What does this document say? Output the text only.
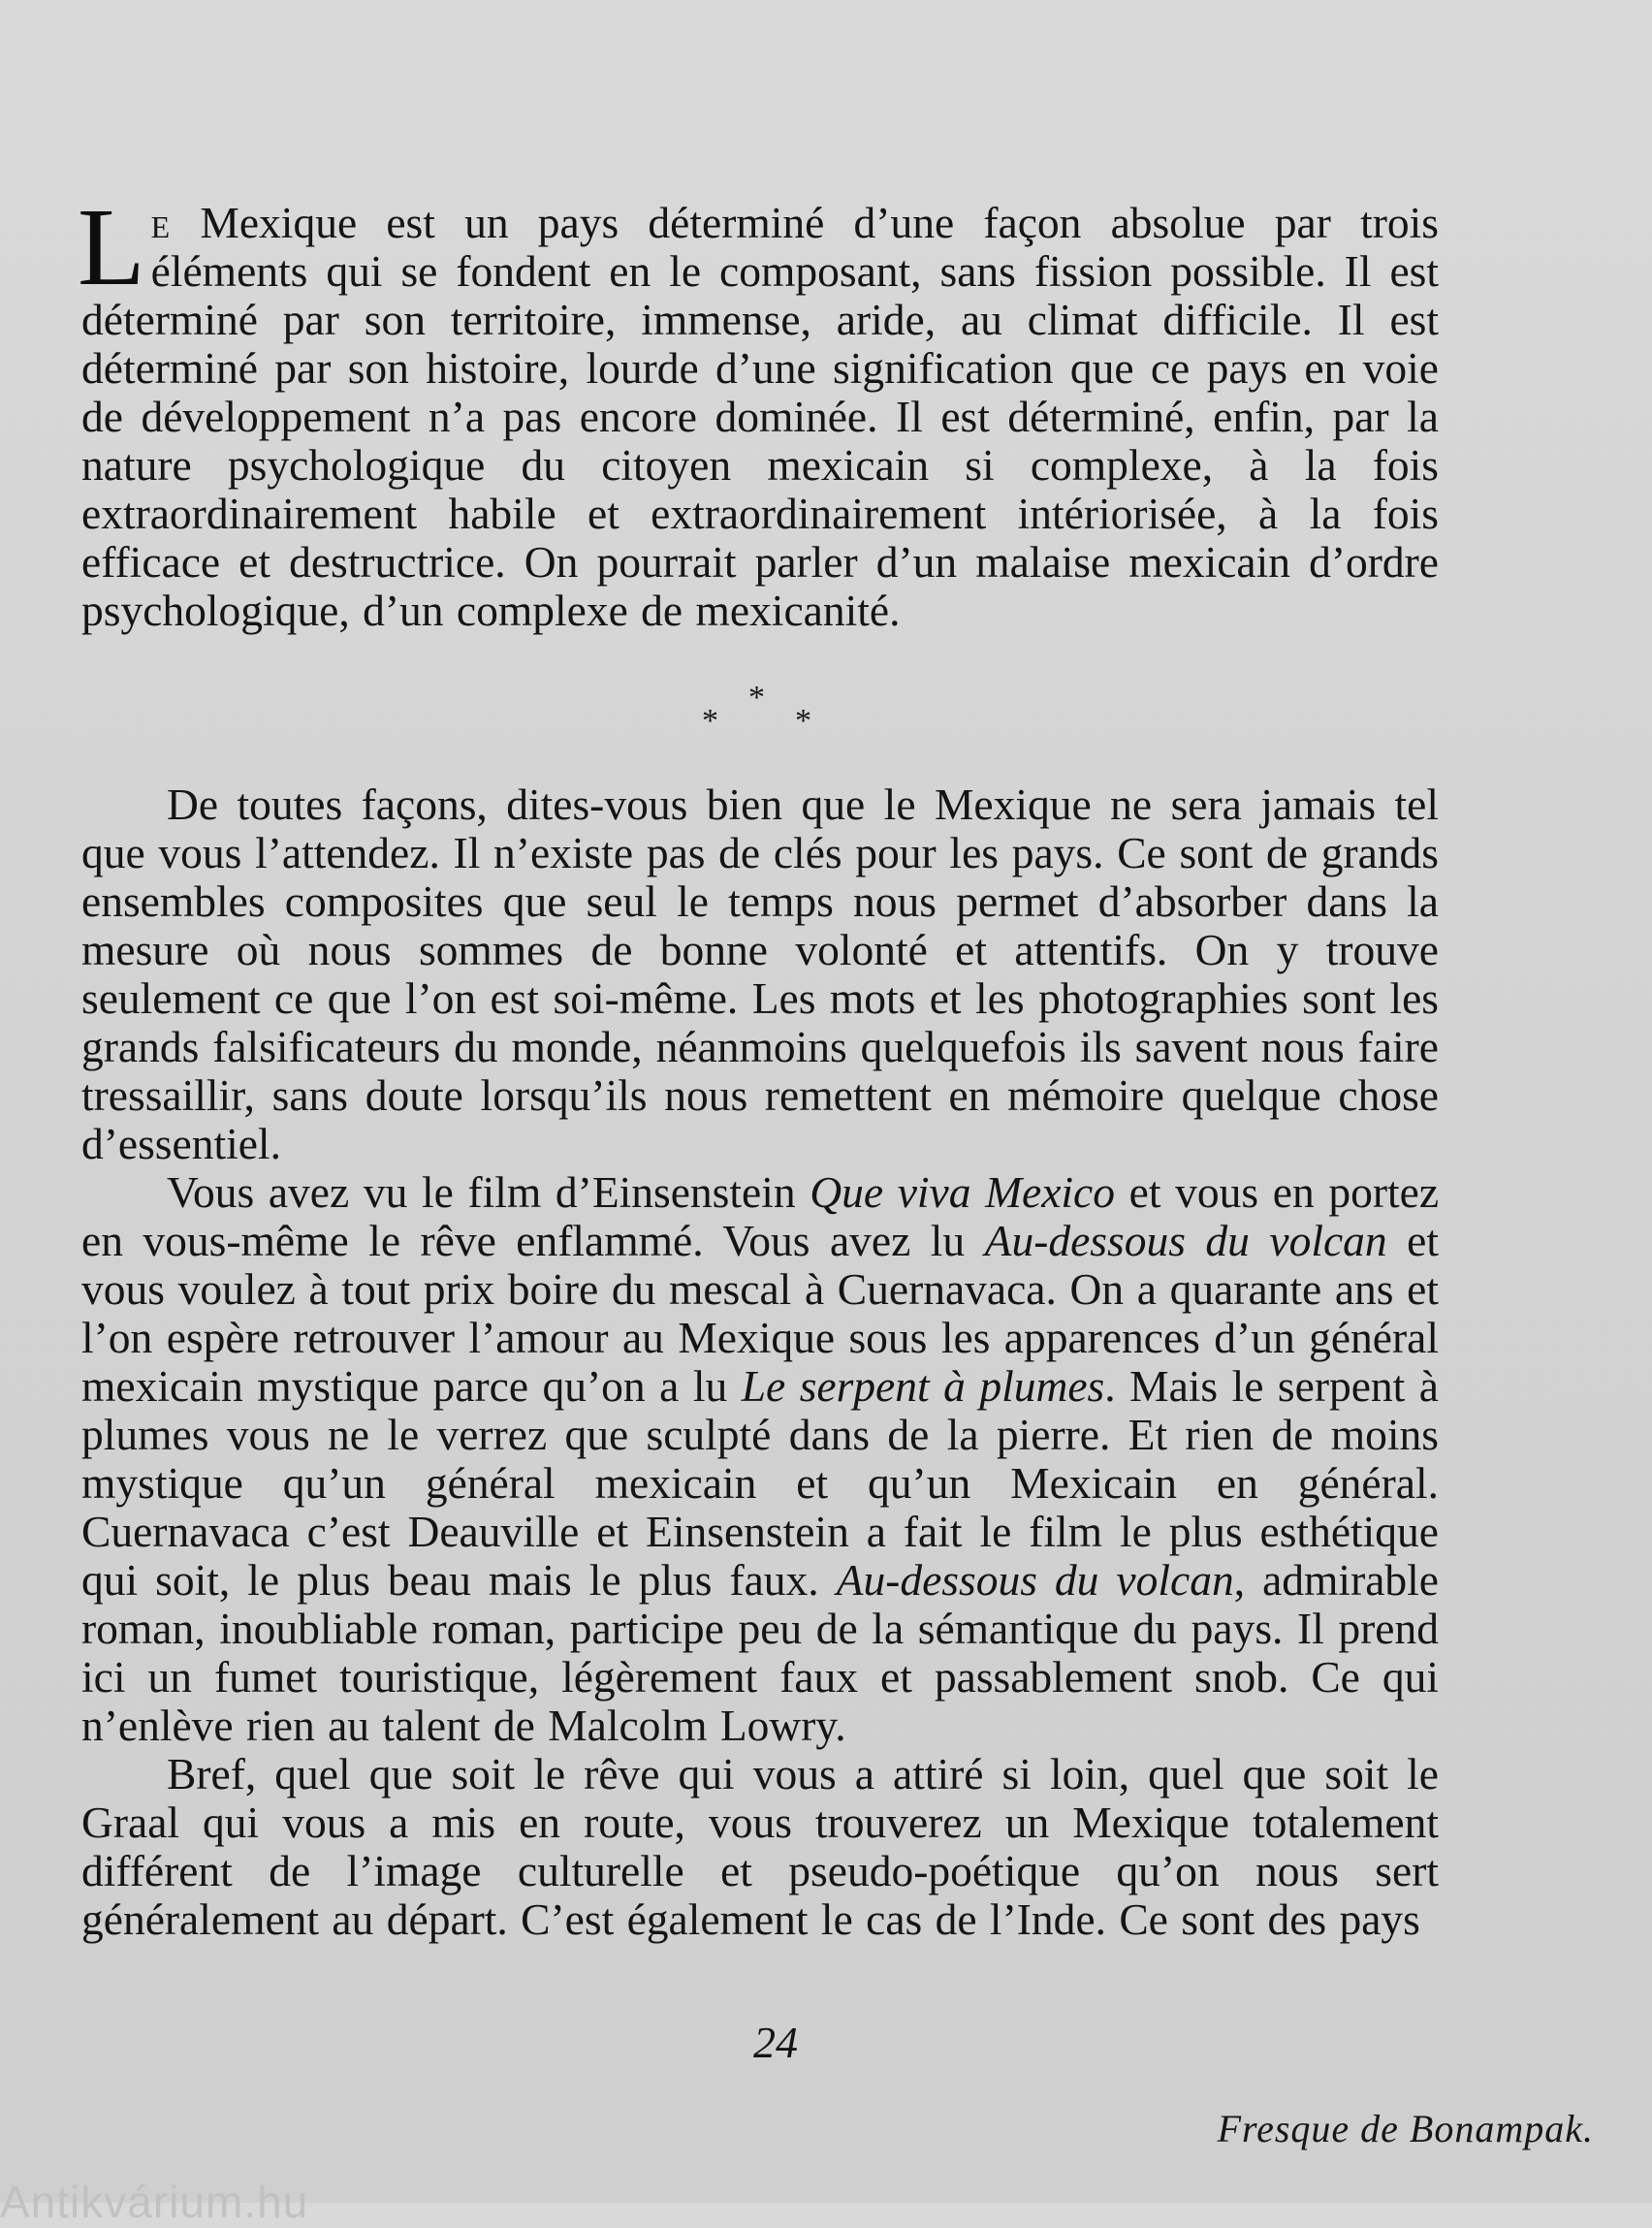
Le Mexique est un pays déterminé d’une façon absolue par trois éléments qui se fondent en le composant, sans fission possible. Il est déterminé par son territoire, immense, aride, au climat difficile. Il est déterminé par son histoire, lourde d’une signification que ce pays en voie de développement n’a pas encore dominée. Il est déterminé, enfin, par la nature psychologique du citoyen mexicain si complexe, à la fois extraordinairement habile et extraordinairement intériorisée, à la fois efficace et destructrice. On pourrait parler d’un malaise mexicain d’ordre psychologique, d’un complexe de mexicanité.

*
* *

De toutes façons, dites-vous bien que le Mexique ne sera jamais tel que vous l’attendez. Il n’existe pas de clés pour les pays. Ce sont de grands ensembles composites que seul le temps nous permet d’absorber dans la mesure où nous sommes de bonne volonté et attentifs. On y trouve seulement ce que l’on est soi-même. Les mots et les photographies sont les grands falsificateurs du monde, néanmoins quelquefois ils savent nous faire tressaillir, sans doute lorsqu’ils nous remettent en mémoire quelque chose d’essentiel.

Vous avez vu le film d’Einsenstein Que viva Mexico et vous en portez en vous-même le rêve enflammé. Vous avez lu Au-dessous du volcan et vous voulez à tout prix boire du mescal à Cuernavaca. On a quarante ans et l’on espère retrouver l’amour au Mexique sous les apparences d’un général mexicain mystique parce qu’on a lu Le serpent à plumes. Mais le serpent à plumes vous ne le verrez que sculpté dans de la pierre. Et rien de moins mystique qu’un général mexicain et qu’un Mexicain en général. Cuernavaca c’est Deauville et Einsenstein a fait le film le plus esthétique qui soit, le plus beau mais le plus faux. Au-dessous du volcan, admirable roman, inoubliable roman, participe peu de la sémantique du pays. Il prend ici un fumet touristique, légèrement faux et passablement snob. Ce qui n’enlève rien au talent de Malcolm Lowry.

Bref, quel que soit le rêve qui vous a attiré si loin, quel que soit le Graal qui vous a mis en route, vous trouverez un Mexique totalement différent de l’image culturelle et pseudo-poétique qu’on nous sert généralement au départ. C’est également le cas de l’Inde. Ce sont des pays

24
Fresque de Bonampak.
Antikvárium.hu
